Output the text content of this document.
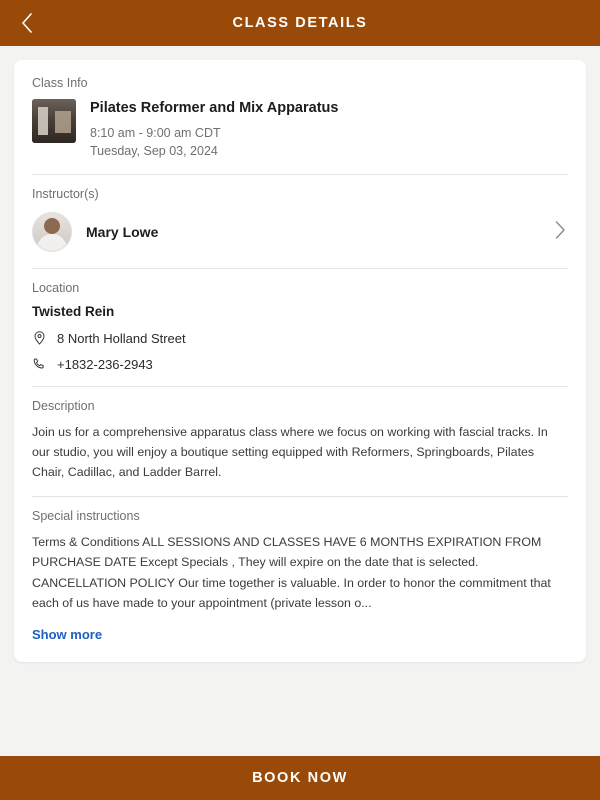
CLASS DETAILS
Class Info
Pilates Reformer and Mix Apparatus
8:10 am - 9:00 am CDT
Tuesday, Sep 03, 2024
Instructor(s)
Mary Lowe
Location
Twisted Rein
8 North Holland Street
+1832-236-2943
Description
Join us for a comprehensive apparatus class where we focus on working with fascial tracks. In our studio, you will enjoy a boutique setting equipped with Reformers, Springboards, Pilates Chair, Cadillac, and Ladder Barrel.
Special instructions
Terms & Conditions ALL SESSIONS AND CLASSES HAVE 6 MONTHS EXPIRATION FROM PURCHASE DATE Except Specials , They will expire on the date that is selected. CANCELLATION POLICY Our time together is valuable. In order to honor the commitment that each of us have made to your appointment (private lesson o...
Show more
BOOK NOW
